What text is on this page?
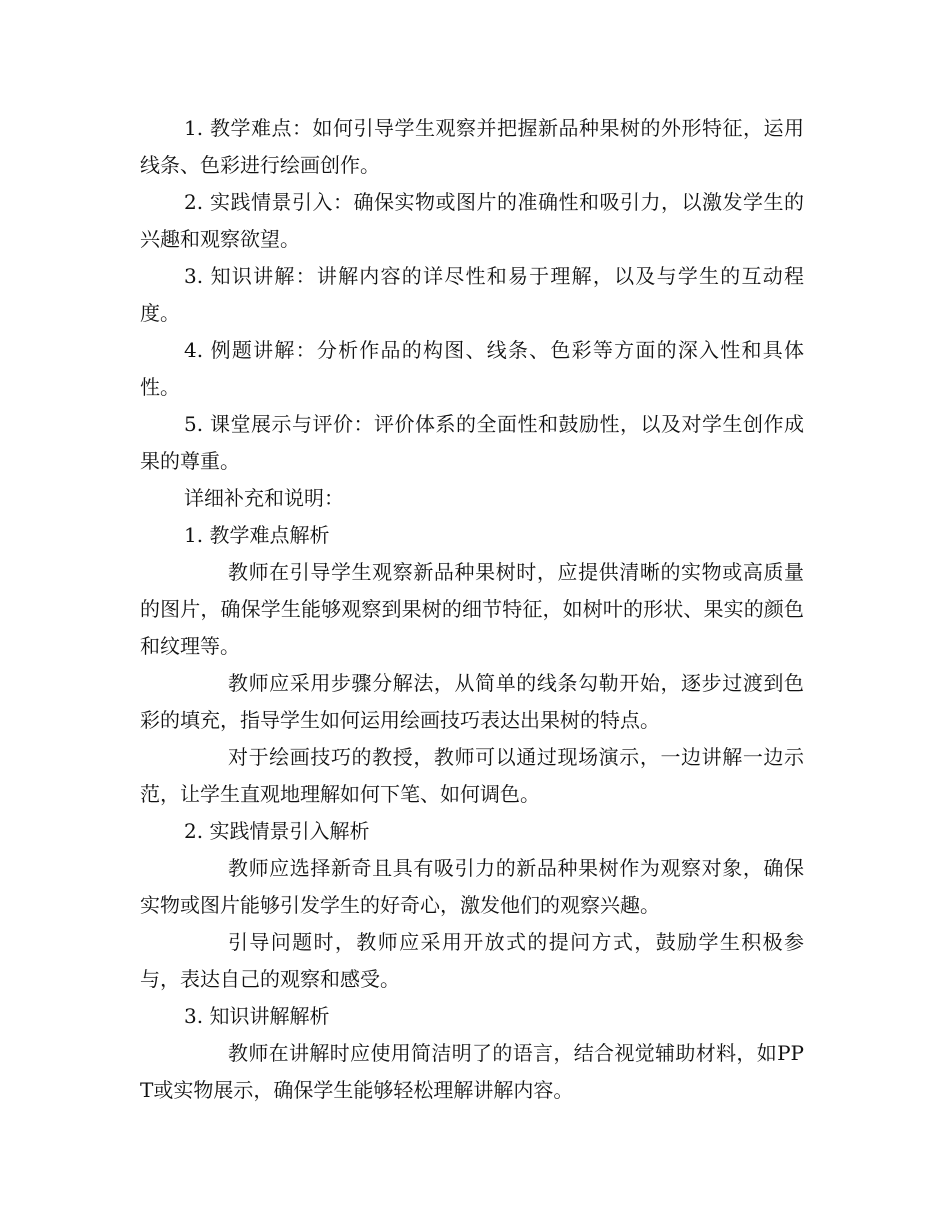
1. 教学难点：如何引导学生观察并把握新品种果树的外形特征，运用线条、色彩进行绘画创作。

2. 实践情景引入：确保实物或图片的准确性和吸引力，以激发学生的兴趣和观察欲望。

3. 知识讲解：讲解内容的详尽性和易于理解，以及与学生的互动程度。

4. 例题讲解：分析作品的构图、线条、色彩等方面的深入性和具体性。

5. 课堂展示与评价：评价体系的全面性和鼓励性，以及对学生创作成果的尊重。

详细补充和说明：

1. 教学难点解析

教师在引导学生观察新品种果树时，应提供清晰的实物或高质量的图片，确保学生能够观察到果树的细节特征，如树叶的形状、果实的颜色和纹理等。

教师应采用步骤分解法，从简单的线条勾勒开始，逐步过渡到色彩的填充，指导学生如何运用绘画技巧表达出果树的特点。

对于绘画技巧的教授，教师可以通过现场演示，一边讲解一边示范，让学生直观地理解如何下笔、如何调色。

2. 实践情景引入解析

教师应选择新奇且具有吸引力的新品种果树作为观察对象，确保实物或图片能够引发学生的好奇心，激发他们的观察兴趣。

引导问题时，教师应采用开放式的提问方式，鼓励学生积极参与，表达自己的观察和感受。

3. 知识讲解解析

教师在讲解时应使用简洁明了的语言，结合视觉辅助材料，如PPT或实物展示，确保学生能够轻松理解讲解内容。
